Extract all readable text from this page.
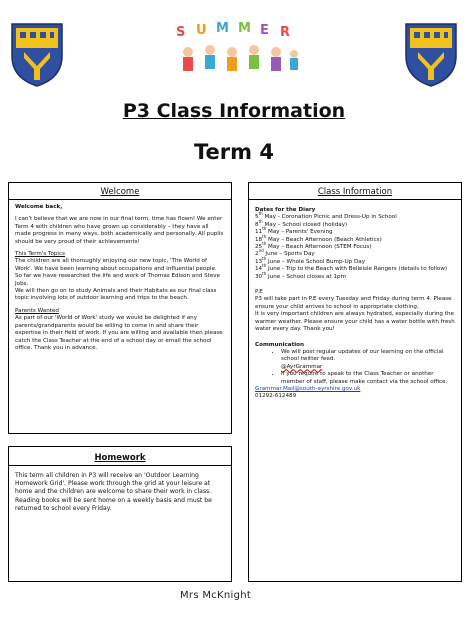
S U M M E R
P3 Class Information
Term 4
Welcome

Welcome back,

I can't believe that we are now in our final term, time has flown! We enter Term 4 with children who have grown up considerably – they have all made progress in many ways, both academically and personally. All pupils should be very proud of their achievements!

This Term's Topics
The children are all thoroughly enjoying our new topic, 'The World of Work'. We have been learning about occupations and influential people. So far we have researched the life and work of Thomas Edison and Steve Jobs.

We will then go on to study Animals and their Habitats as our final class topic involving lots of outdoor learning and trips to the beach.

Parents Wanted
As part of our 'World of Work' study we would be delighted if any parents/grandparents would be willing to come in and share their expertise in their field of work. If you are willing and available then please catch the Class Teacher at the end of a school day or email the school office. Thank you in advance.
Homework
This term all children in P3 will receive an 'Outdoor Learning Homework Grid'. Please work through the grid at your leisure at home and the children are welcome to share their work in class.
Reading books will be sent home on a weekly basis and must be returned to school every Friday.
Class Information
Dates for the Diary
5th May - Coronation Picnic and Dress-Up in School
8th May – School closed (holiday)
11th May – Parents' Evening
18th May – Beach Afternoon (Beach Athletics)
25th May – Beach Afternoon (STEM Focus)
2nd June – Sports Day
13th June – Whole School Bump-Up Day
14th June - Trip to the Beach with Belleisle Rangers (details to follow)
30th June – School closes at 1pm
P.E
P3 will take part in P.E every Tuesday and Friday during term 4. Please ensure your child arrives to school in appropriate clothing.
It is very important children are always hydrated, especially during the warmer weather. Please ensure your child has a water bottle with fresh water every day. Thank you!
Communication
• We will post regular updates of our learning on the official school twitter feed.
@AyrGrammar
• If you require to speak to the Class Teacher or another member of staff, please make contact via the school office.
Grammar.Mail@south-ayrshire.gov.uk
01292-612489
Mrs McKnight
